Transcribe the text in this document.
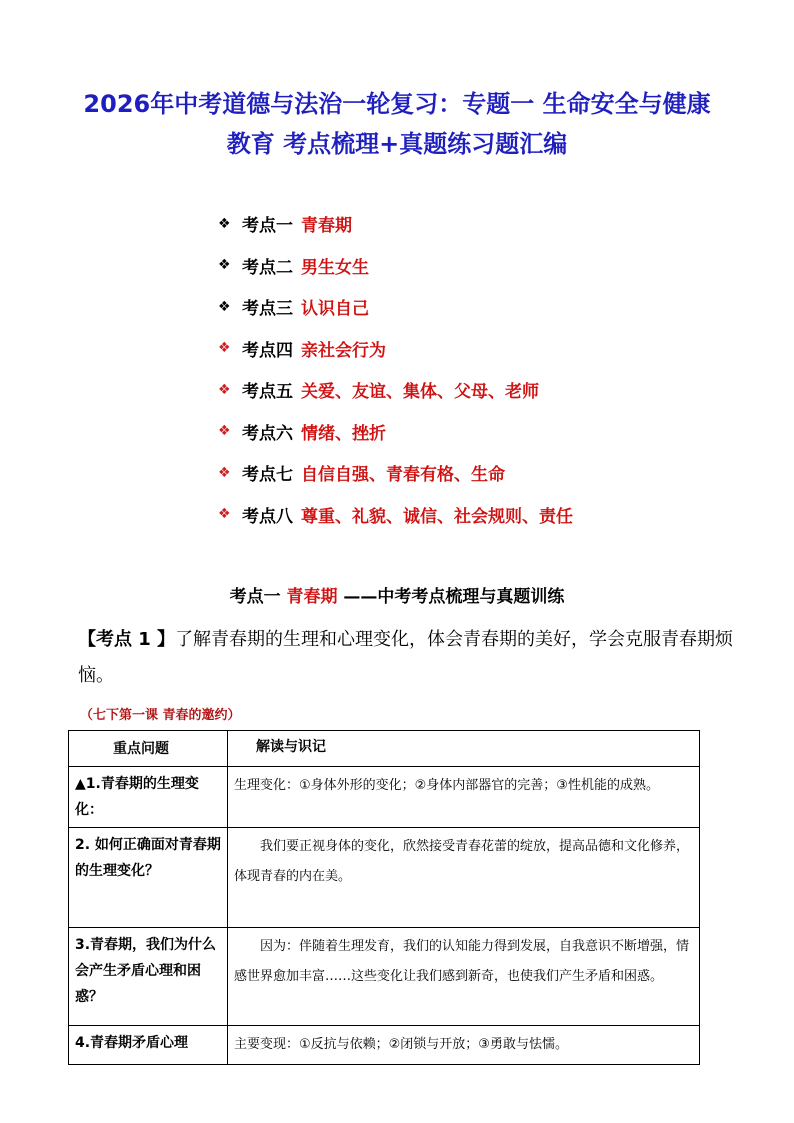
2026年中考道德与法治一轮复习：专题一 生命安全与健康
教育 考点梳理+真题练习题汇编
❖ 考点一 青春期
❖ 考点二 男生女生
❖ 考点三 认识自己
❖ 考点四 亲社会行为
❖ 考点五 关爱、友谊、集体、父母、老师
❖ 考点六 情绪、挫折
❖ 考点七 自信自强、青春有格、生命
❖ 考点八 尊重、礼貌、诚信、社会规则、责任
考点一 青春期 ——中考考点梳理与真题训练
【考点 1 】了解青春期的生理和心理变化，体会青春期的美好，学会克服青春期烦恼。
（七下第一课 青春的邀约）
重点问题	解读与识记
▲1.青春期的生理变化：	生理变化：①身体外形的变化；②身体内部器官的完善；③性机能的成熟。
2. 如何正确面对青春期的生理变化？	我们要正视身体的变化，欣然接受青春花蕾的绽放，提高品德和文化修养，体现青春的内在美。
3.青春期，我们为什么会产生矛盾心理和困惑？	因为：伴随着生理发育，我们的认知能力得到发展，自我意识不断增强，情感世界愈加丰富……这些变化让我们感到新奇，也使我们产生矛盾和困惑。
4.青春期矛盾心理	主要变现：①反抗与依赖；②闭锁与开放；③勇敢与怯懦。
